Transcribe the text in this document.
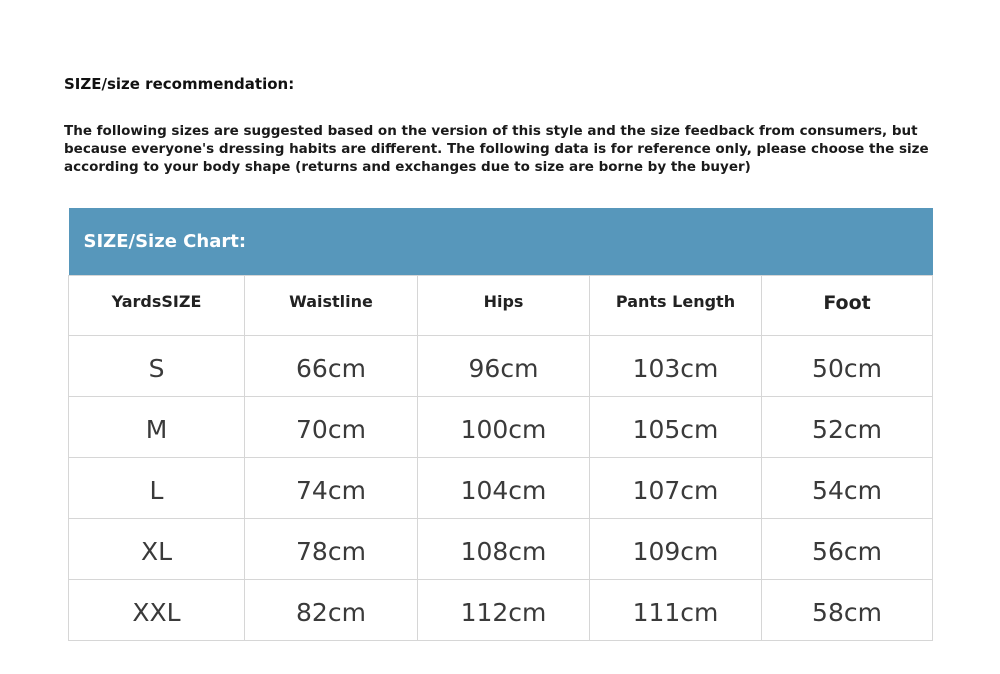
SIZE/size recommendation:

The following sizes are suggested based on the version of this style and the size feedback from consumers, but because everyone's dressing habits are different. The following data is for reference only, please choose the size according to your body shape (returns and exchanges due to size are borne by the buyer)

SIZE/Size Chart:				
YardsSIZE	Waistline	Hips	Pants Length	Foot
S	66cm	96cm	103cm	50cm
M	70cm	100cm	105cm	52cm
L	74cm	104cm	107cm	54cm
XL	78cm	108cm	109cm	56cm
XXL	82cm	112cm	111cm	58cm
